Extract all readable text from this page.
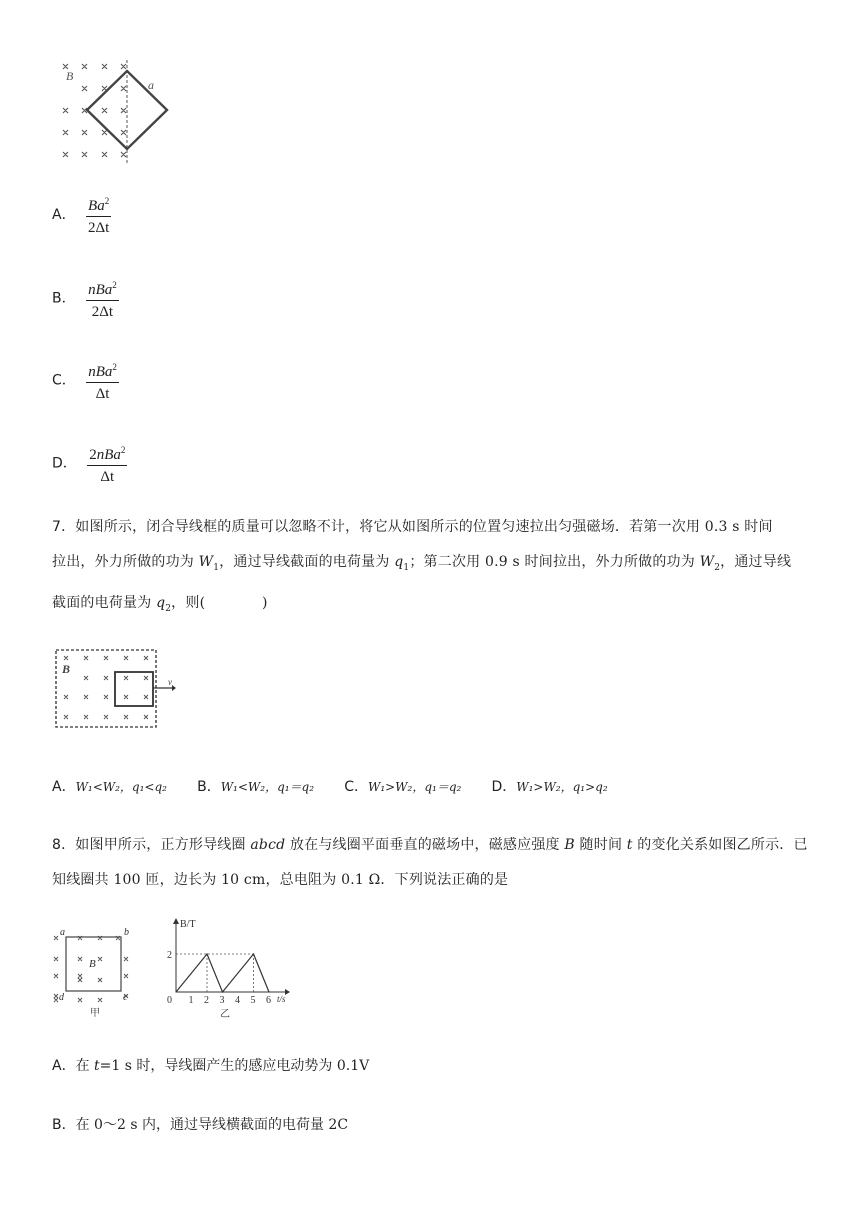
B
a
A． $\frac{Ba^2}{2\Delta t}$
B． $\frac{nBa^2}{2\Delta t}$
C． $\frac{nBa^2}{\Delta t}$
D． $\frac{2nBa^2}{\Delta t}$
7．如图所示，闭合导线框的质量可以忽略不计，将它从如图所示的位置匀速拉出匀强磁场．若第一次用 0.3 s 时间
拉出，外力所做的功为 $W_1$，通过导线截面的电荷量为 $q_1$；第二次用 0.9 s 时间拉出，外力所做的功为 $W_2$，通过导线
截面的电荷量为 $q_2$，则(　　　　)
B
v
A．W₁<W₂，q₁<q₂ B．W₁<W₂，q₁＝q₂ C．W₁>W₂，q₁＝q₂ D．W₁>W₂，q₁>q₂
8．如图甲所示，正方形导线圈 abcd 放在与线圈平面垂直的磁场中，磁感应强度 B 随时间 t 的变化关系如图乙所示．已
知线圈共 100 匝，边长为 10 cm，总电阻为 0.1 Ω．下列说法正确的是
a	b
c
d
B
甲
B/T
t/s
2
0 1 2 3 4 5 6
乙
A．在 t=1 s 时，导线圈产生的感应电动势为 0.1V
B．在 0～2 s 内，通过导线横截面的电荷量 2C
